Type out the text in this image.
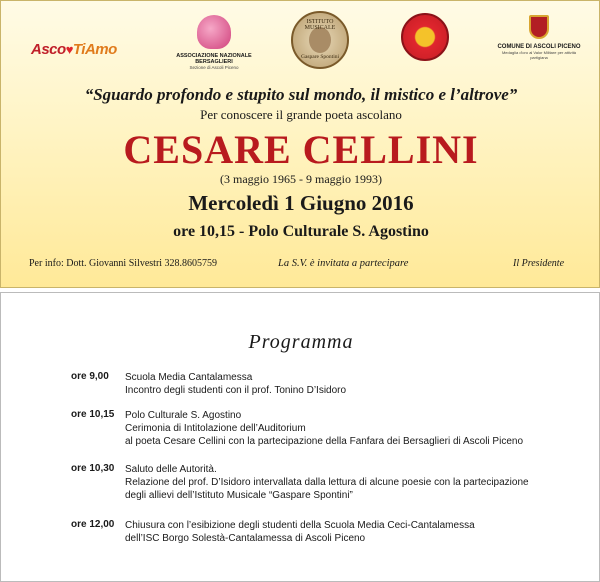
Asco♥TiAmo	ASSOCIAZIONE NAZIONALE BERSAGLIERI
Sezione di Ascoli Piceno
ISTITUTO MUSICALE
Gaspare Spontini
COMUNE DI ASCOLI PICENO
Medaglia d'oro al Valor Militare per attività partigiana
“Sguardo profondo e stupito sul mondo, il mistico e l’altrove”
Per conoscere il grande poeta ascolano
CESARE CELLINI
(3 maggio 1965 - 9 maggio 1993)
Mercoledì 1 Giugno 2016
ore 10,15 - Polo Culturale S. Agostino
Per info: Dott. Giovanni Silvestri 328.8605759	La S.V. è invitata a partecipare	Il Presidente
Programma
ore 9,00 Scuola Media Cantalamessa
Incontro degli studenti con il prof. Tonino D’Isidoro
ore 10,15 Polo Culturale S. Agostino
Cerimonia di Intitolazione dell’Auditorium
al poeta Cesare Cellini con la partecipazione della Fanfara dei Bersaglieri di Ascoli Piceno
ore 10,30 Saluto delle Autorità.
Relazione del prof. D’Isidoro intervallata dalla lettura di alcune poesie con la partecipazione
degli allievi dell’Istituto Musicale “Gaspare Spontini”
ore 12,00 Chiusura con l’esibizione degli studenti della Scuola Media Ceci-Cantalamessa
dell’ISC Borgo Solestà-Cantalamessa di Ascoli Piceno
